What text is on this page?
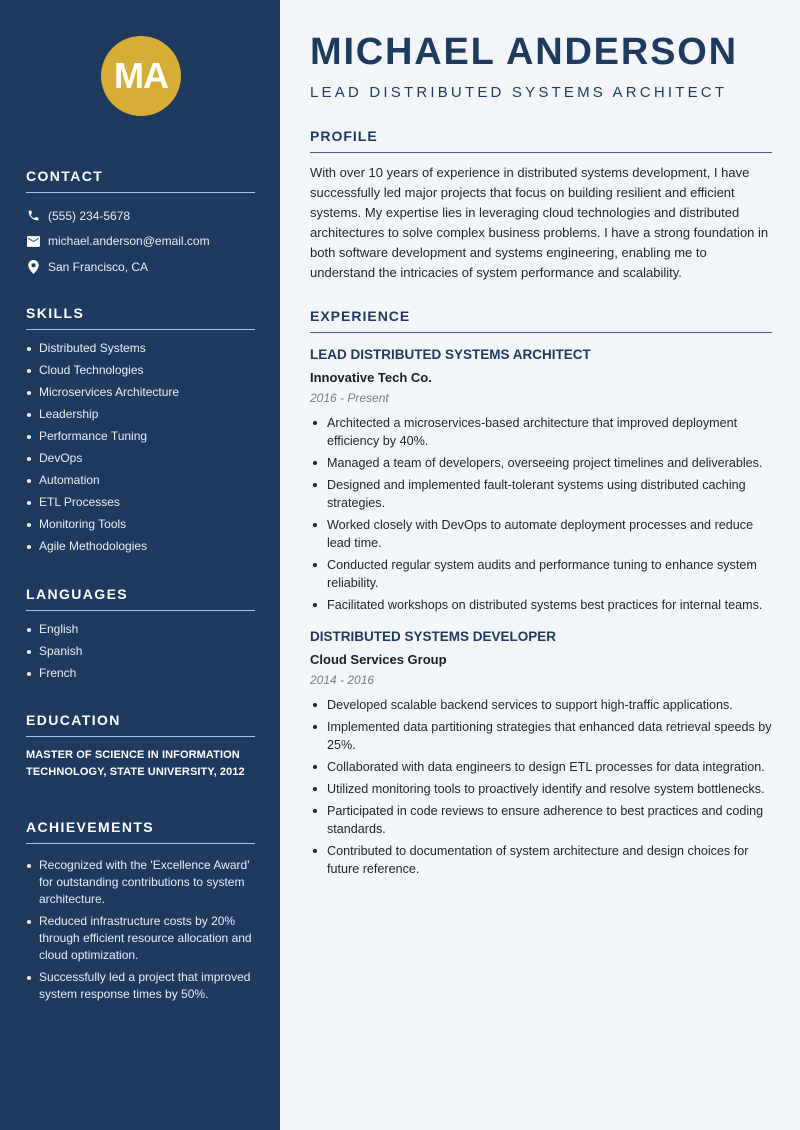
MA
CONTACT
(555) 234-5678
michael.anderson@email.com
San Francisco, CA
SKILLS
Distributed Systems
Cloud Technologies
Microservices Architecture
Leadership
Performance Tuning
DevOps
Automation
ETL Processes
Monitoring Tools
Agile Methodologies
LANGUAGES
English
Spanish
French
EDUCATION

MASTER OF SCIENCE IN INFORMATION TECHNOLOGY, STATE UNIVERSITY, 2012

ACHIEVEMENTS
Recognized with the 'Excellence Award' for outstanding contributions to system architecture.
Reduced infrastructure costs by 20% through efficient resource allocation and cloud optimization.
Successfully led a project that improved system response times by 50%.
MICHAEL ANDERSON
LEAD DISTRIBUTED SYSTEMS ARCHITECT
PROFILE

With over 10 years of experience in distributed systems development, I have successfully led major projects that focus on building resilient and efficient systems. My expertise lies in leveraging cloud technologies and distributed architectures to solve complex business problems. I have a strong foundation in both software development and systems engineering, enabling me to understand the intricacies of system performance and scalability.

EXPERIENCE
LEAD DISTRIBUTED SYSTEMS ARCHITECT
Innovative Tech Co.
2016 - Present
Architected a microservices-based architecture that improved deployment efficiency by 40%.
Managed a team of developers, overseeing project timelines and deliverables.
Designed and implemented fault-tolerant systems using distributed caching strategies.
Worked closely with DevOps to automate deployment processes and reduce lead time.
Conducted regular system audits and performance tuning to enhance system reliability.
Facilitated workshops on distributed systems best practices for internal teams.
DISTRIBUTED SYSTEMS DEVELOPER
Cloud Services Group
2014 - 2016
Developed scalable backend services to support high-traffic applications.
Implemented data partitioning strategies that enhanced data retrieval speeds by 25%.
Collaborated with data engineers to design ETL processes for data integration.
Utilized monitoring tools to proactively identify and resolve system bottlenecks.
Participated in code reviews to ensure adherence to best practices and coding standards.
Contributed to documentation of system architecture and design choices for future reference.
